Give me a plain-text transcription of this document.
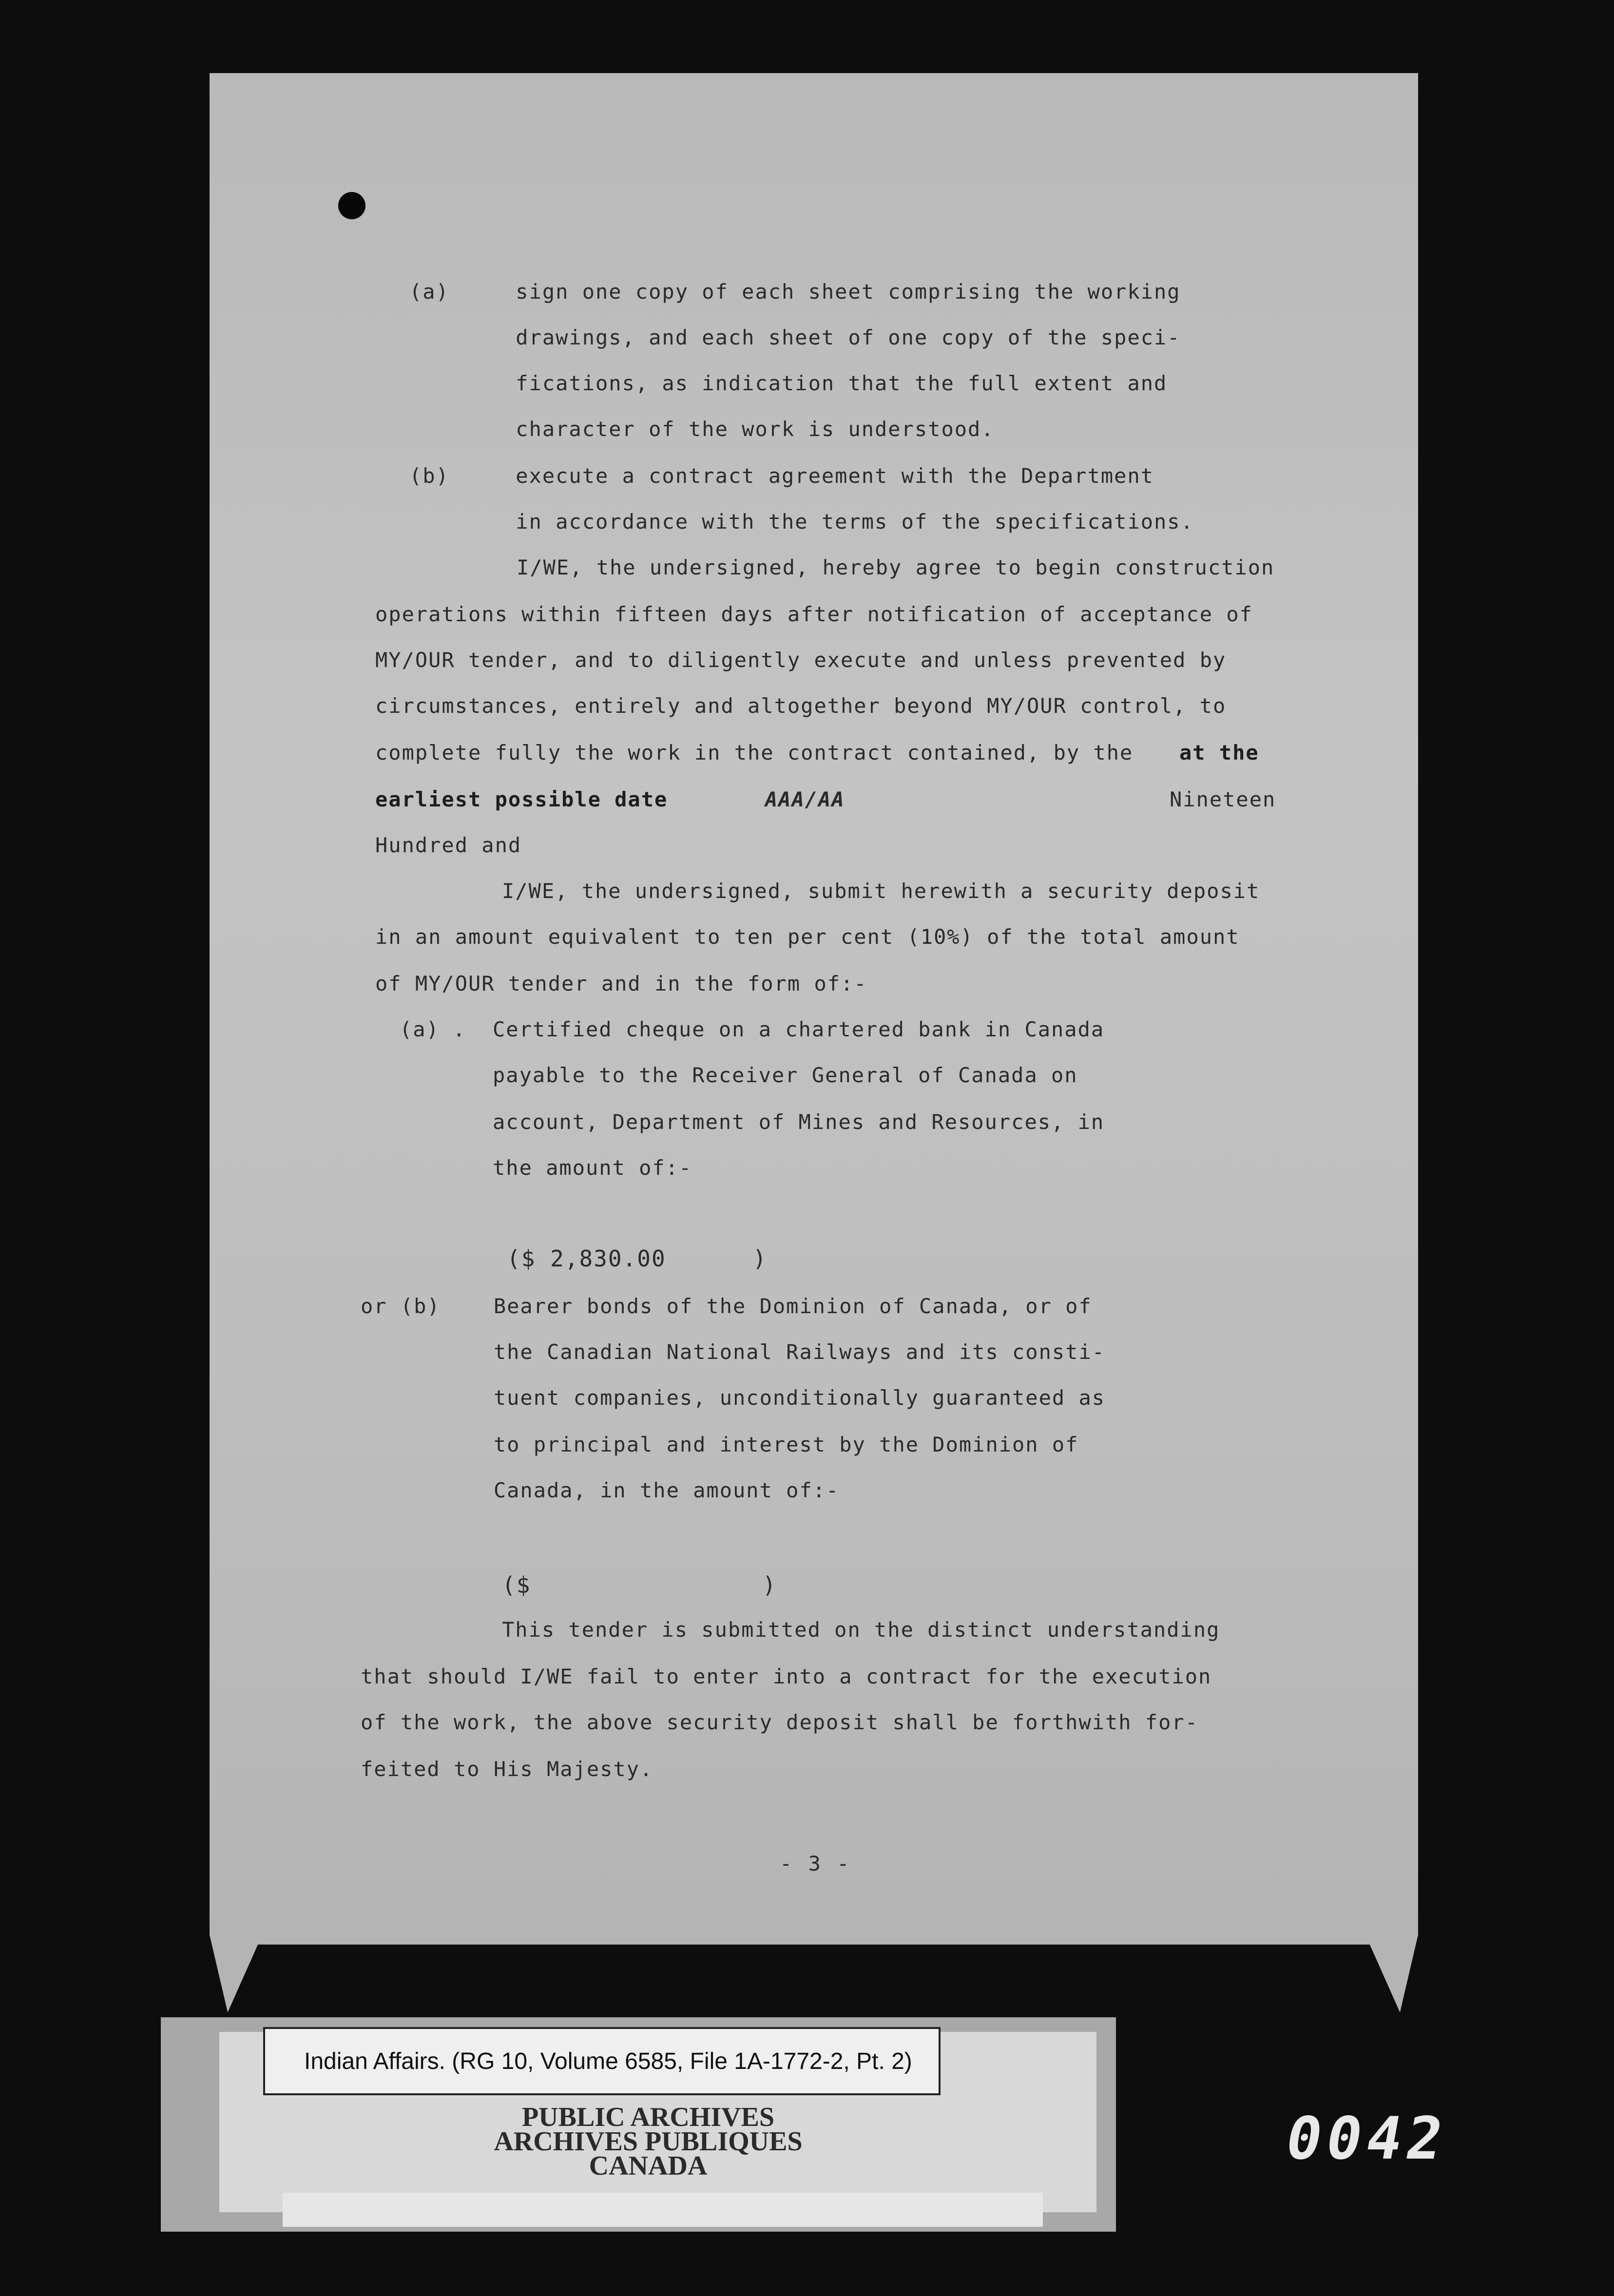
(a)     sign one copy of each sheet comprising the working
drawings, and each sheet of one copy of the speci-
fications, as indication that the full extent and
character of the work is understood.
(b)     execute a contract agreement with the Department
in accordance with the terms of the specifications.
I/WE, the undersigned, hereby agree to begin construction
operations within fifteen days after notification of acceptance of
MY/OUR tender, and to diligently execute and unless prevented by
circumstances, entirely and altogether beyond MY/OUR control, to
complete fully the work in the contract contained, by the at the
earliest possible date	AAA/AA	Nineteen
Hundred and
I/WE, the undersigned, submit herewith a security deposit
in an amount equivalent to ten per cent (10%) of the total amount
of MY/OUR tender and in the form of:-
(a) .  Certified cheque on a chartered bank in Canada
payable to the Receiver General of Canada on
account, Department of Mines and Resources, in
the amount of:-
($ 2,830.00      )
or (b)    Bearer bonds of the Dominion of Canada, or of
the Canadian National Railways and its consti-
tuent companies, unconditionally guaranteed as
to principal and interest by the Dominion of
Canada, in the amount of:-
($                )
This tender is submitted on the distinct understanding
that should I/WE fail to enter into a contract for the execution
of the work, the above security deposit shall be forthwith for-
feited to His Majesty.
- 3 -
Indian Affairs. (RG 10, Volume 6585, File 1A-1772-2, Pt. 2)
PUBLIC ARCHIVES
ARCHIVES PUBLIQUES
CANADA	0042
